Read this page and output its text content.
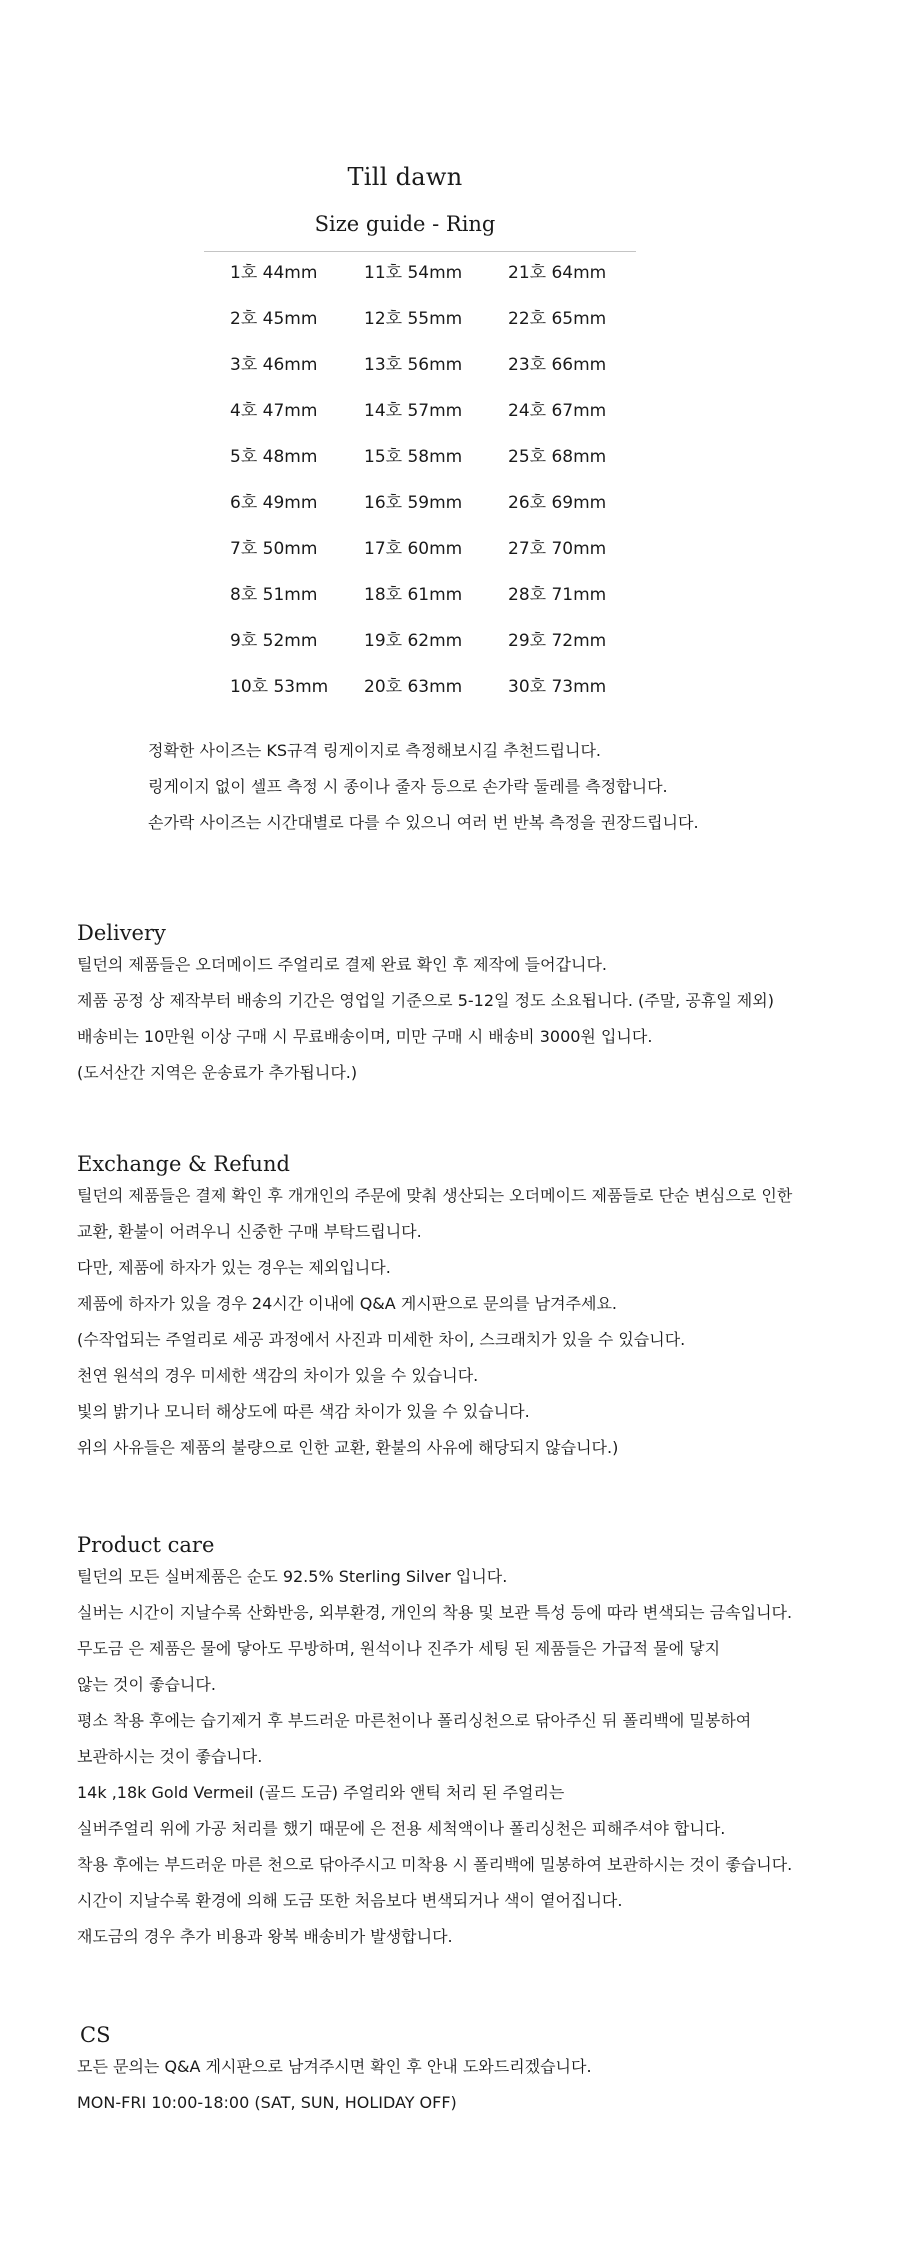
Till dawn
Size guide - Ring
1호 44mm
2호 45mm
3호 46mm
4호 47mm
5호 48mm
6호 49mm
7호 50mm
8호 51mm
9호 52mm
10호 53mm
11호 54mm
12호 55mm
13호 56mm
14호 57mm
15호 58mm
16호 59mm
17호 60mm
18호 61mm
19호 62mm
20호 63mm
21호 64mm
22호 65mm
23호 66mm
24호 67mm
25호 68mm
26호 69mm
27호 70mm
28호 71mm
29호 72mm
30호 73mm
정확한 사이즈는 KS규격 링게이지로 측정해보시길 추천드립니다.
링게이지 없이 셀프 측정 시 종이나 줄자 등으로 손가락 둘레를 측정합니다.
손가락 사이즈는 시간대별로 다를 수 있으니 여러 번 반복 측정을 권장드립니다.
Delivery
틸던의 제품들은 오더메이드 주얼리로 결제 완료 확인 후 제작에 들어갑니다.
제품 공정 상 제작부터 배송의 기간은 영업일 기준으로 5-12일 정도 소요됩니다. (주말, 공휴일 제외)
배송비는 10만원 이상 구매 시 무료배송이며, 미만 구매 시 배송비 3000원 입니다.
(도서산간 지역은 운송료가 추가됩니다.)
Exchange & Refund
틸던의 제품들은 결제 확인 후 개개인의 주문에 맞춰 생산되는 오더메이드 제품들로 단순 변심으로 인한
교환, 환불이 어려우니 신중한 구매 부탁드립니다.
다만, 제품에 하자가 있는 경우는 제외입니다.
제품에 하자가 있을 경우 24시간 이내에 Q&A 게시판으로 문의를 남겨주세요.
(수작업되는 주얼리로 세공 과정에서 사진과 미세한 차이, 스크래치가 있을 수 있습니다.
천연 원석의 경우 미세한 색감의 차이가 있을 수 있습니다.
빛의 밝기나 모니터 해상도에 따른 색감 차이가 있을 수 있습니다.
위의 사유들은 제품의 불량으로 인한 교환, 환불의 사유에 해당되지 않습니다.)
Product care
틸던의 모든 실버제품은 순도 92.5% Sterling Silver 입니다.
실버는 시간이 지날수록 산화반응, 외부환경, 개인의 착용 및 보관 특성 등에 따라 변색되는 금속입니다.
무도금 은 제품은 물에 닿아도 무방하며, 원석이나 진주가 세팅 된 제품들은 가급적 물에 닿지
않는 것이 좋습니다.
평소 착용 후에는 습기제거 후 부드러운 마른천이나 폴리싱천으로 닦아주신 뒤 폴리백에 밀봉하여
보관하시는 것이 좋습니다.
14k ,18k Gold Vermeil (골드 도금) 주얼리와 앤틱 처리 된 주얼리는
실버주얼리 위에 가공 처리를 했기 때문에 은 전용 세척액이나 폴리싱천은 피해주셔야 합니다.
착용 후에는 부드러운 마른 천으로 닦아주시고 미착용 시 폴리백에 밀봉하여 보관하시는 것이 좋습니다.
시간이 지날수록 환경에 의해 도금 또한 처음보다 변색되거나 색이 옅어집니다.
재도금의 경우 추가 비용과 왕복 배송비가 발생합니다.
CS
모든 문의는 Q&A 게시판으로 남겨주시면 확인 후 안내 도와드리겠습니다.
MON-FRI 10:00-18:00 (SAT, SUN, HOLIDAY OFF)
